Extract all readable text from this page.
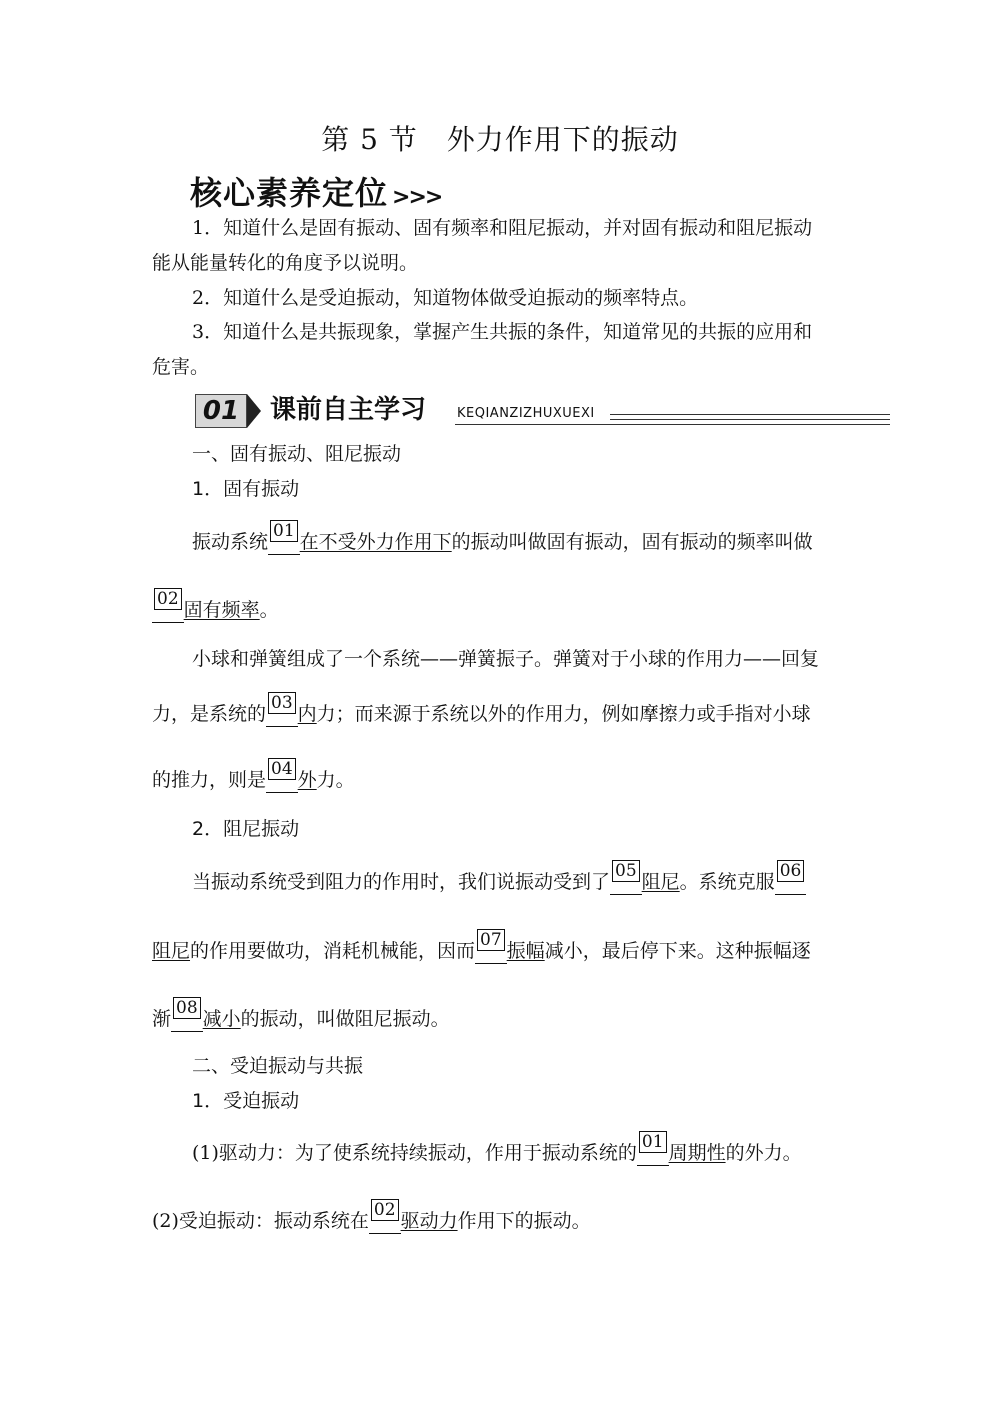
第 5 节　外力作用下的振动
核心素养定位 >>>
1．知道什么是固有振动、固有频率和阻尼振动，并对固有振动和阻尼振动
能从能量转化的角度予以说明。
2．知道什么是受迫振动，知道物体做受迫振动的频率特点。
3．知道什么是共振现象，掌握产生共振的条件，知道常见的共振的应用和
危害。
01	课前自主学习 KEQIANZIZHUXUEXI
一、固有振动、阻尼振动
1．固有振动
振动系统 01 在不受外力作用下的振动叫做固有振动，固有振动的频率叫做
02 固有频率。
小球和弹簧组成了一个系统——弹簧振子。弹簧对于小球的作用力——回复
力，是系统的 03 内力；而来源于系统以外的作用力，例如摩擦力或手指对小球
的推力，则是 04 外力。
2．阻尼振动
当振动系统受到阻力的作用时，我们说振动受到了 05 阻尼。系统克服 06
阻尼的作用要做功，消耗机械能，因而 07 振幅减小，最后停下来。这种振幅逐
渐 08 减小的振动，叫做阻尼振动。
二、受迫振动与共振
1．受迫振动
(1)驱动力：为了使系统持续振动，作用于振动系统的 01 周期性的外力。
(2)受迫振动：振动系统在 02 驱动力作用下的振动。
